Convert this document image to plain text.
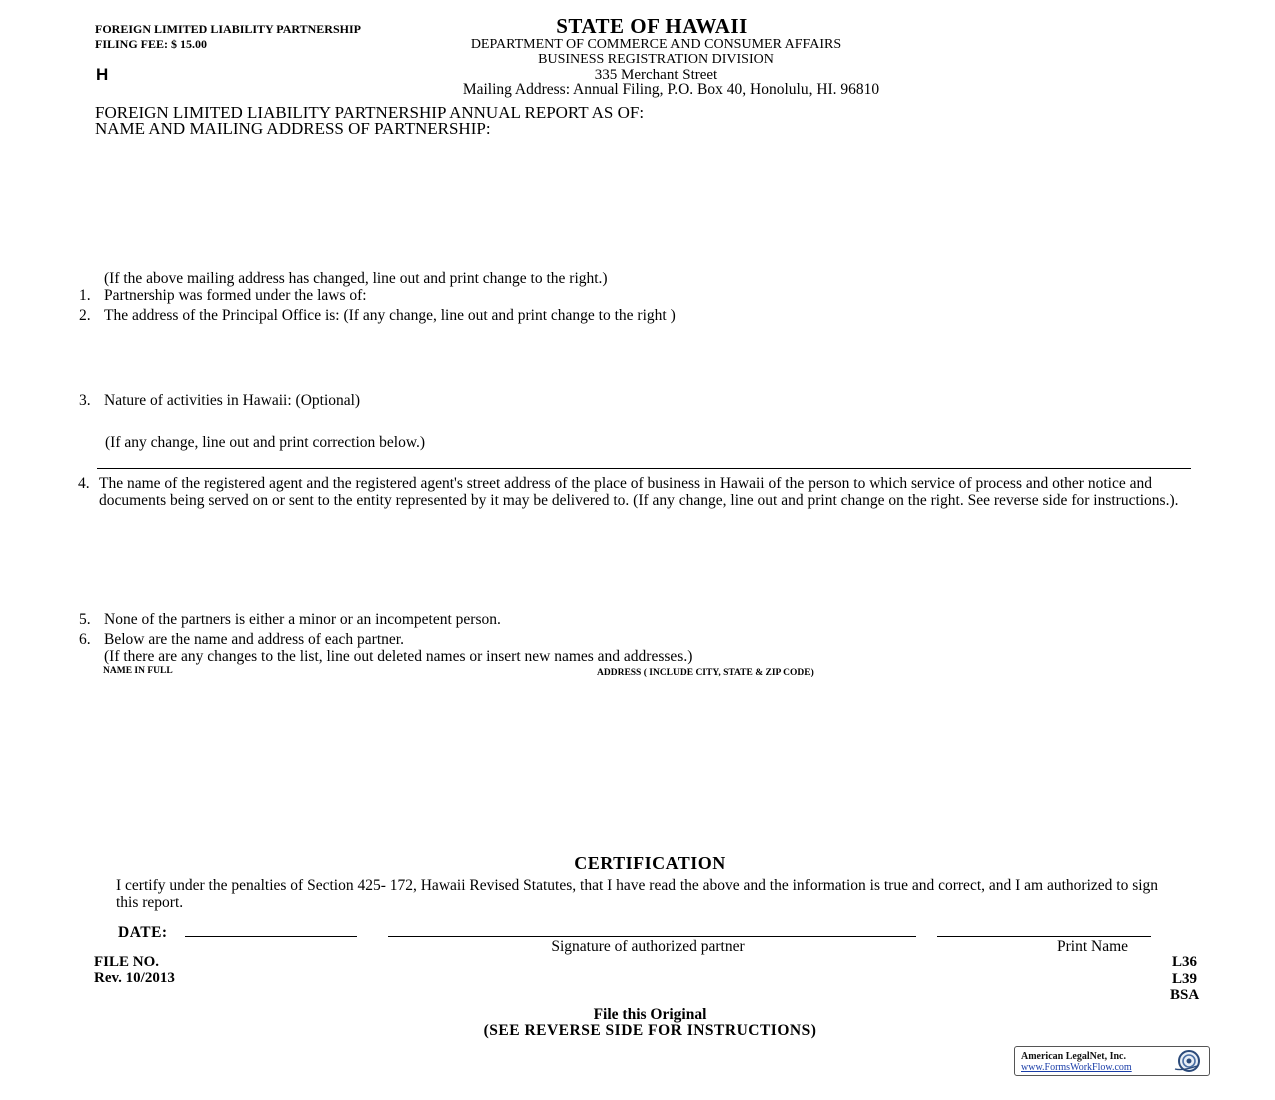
FOREIGN LIMITED LIABILITY PARTNERSHIP
FILING FEE: $ 15.00
H
STATE OF HAWAII
DEPARTMENT OF COMMERCE AND CONSUMER AFFAIRS
BUSINESS REGISTRATION DIVISION
335 Merchant Street
Mailing Address: Annual Filing, P.O. Box 40, Honolulu, HI. 96810
FOREIGN LIMITED LIABILITY PARTNERSHIP ANNUAL REPORT AS OF:
NAME AND MAILING ADDRESS OF PARTNERSHIP:
(If the above mailing address has changed, line out and print change to the right.)
1. Partnership was formed under the laws of:
2. The address of the Principal Office is: (If any change, line out and print change to the right )
3. Nature of activities in Hawaii: (Optional)
(If any change, line out and print correction below.)
4. The name of the registered agent and the registered agent's street address of the place of business in Hawaii of the person to which service of process and other notice and documents being served on or sent to the entity represented by it may be delivered to. (If any change, line out and print change on the right. See reverse side for instructions.).
5. None of the partners is either a minor or an incompetent person.
6. Below are the name and address of each partner.
(If there are any changes to the list, line out deleted names or insert new names and addresses.)
NAME IN FULL	ADDRESS ( INCLUDE CITY, STATE & ZIP CODE)
CERTIFICATION
I certify under the penalties of Section 425- 172, Hawaii Revised Statutes, that I have read the above and the information is true and correct, and I am authorized to sign this report.
DATE:
Signature of authorized partner	Print Name
FILE NO.
Rev. 10/2013
L36
L39
BSA
File this Original
(SEE REVERSE SIDE FOR INSTRUCTIONS)
American LegalNet, Inc.
www.FormsWorkFlow.com
